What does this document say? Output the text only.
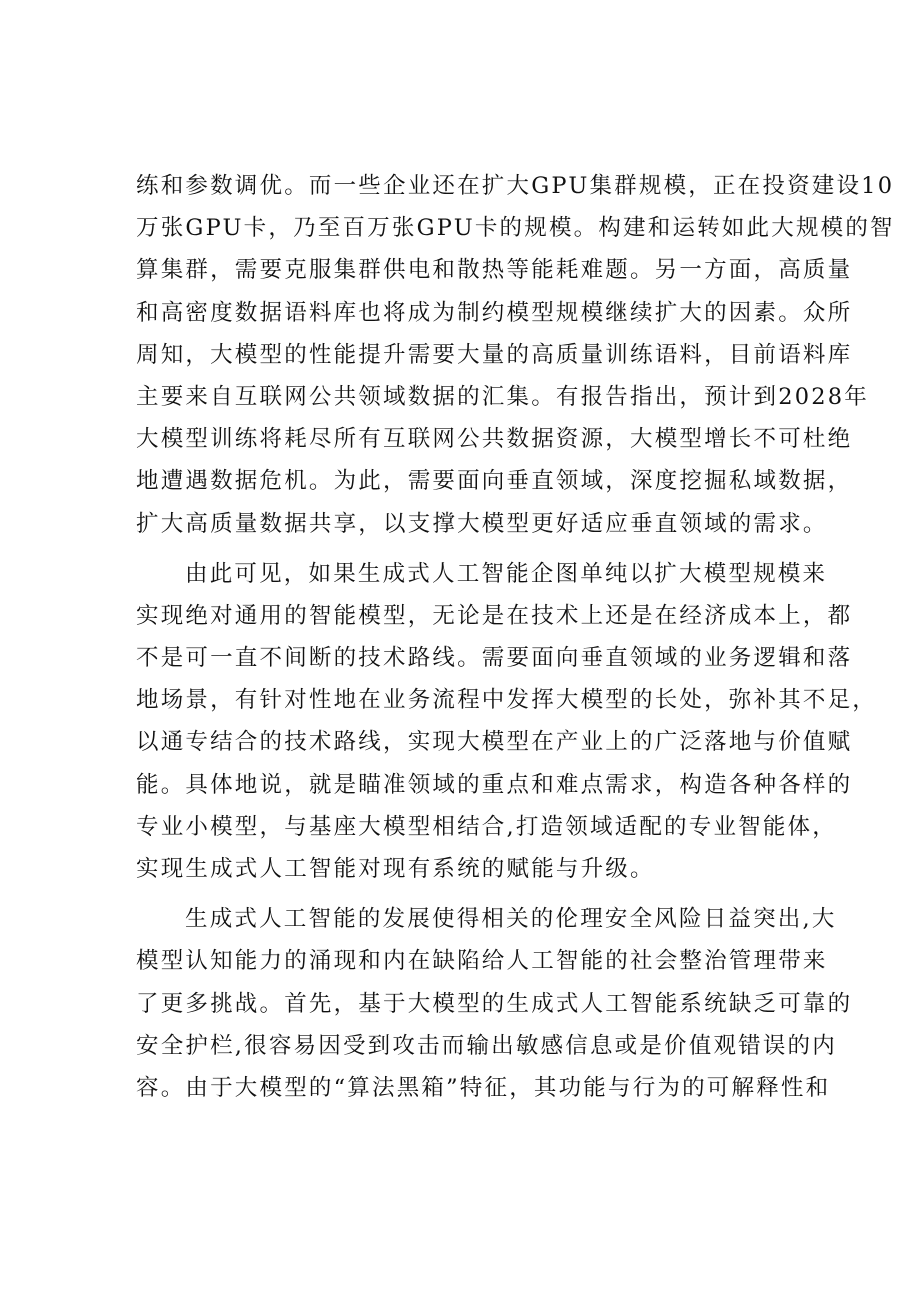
练和参数调优。而一些企业还在扩大GPU集群规模，正在投资建设10
万张GPU卡，乃至百万张GPU卡的规模。构建和运转如此大规模的智
算集群，需要克服集群供电和散热等能耗难题。另一方面，高质量
和高密度数据语料库也将成为制约模型规模继续扩大的因素。众所
周知，大模型的性能提升需要大量的高质量训练语料，目前语料库
主要来自互联网公共领域数据的汇集。有报告指出，预计到2028年
大模型训练将耗尽所有互联网公共数据资源，大模型增长不可杜绝
地遭遇数据危机。为此，需要面向垂直领域，深度挖掘私域数据，
扩大高质量数据共享，以支撑大模型更好适应垂直领域的需求。
由此可见，如果生成式人工智能企图单纯以扩大模型规模来
实现绝对通用的智能模型，无论是在技术上还是在经济成本上，都
不是可一直不间断的技术路线。需要面向垂直领域的业务逻辑和落
地场景，有针对性地在业务流程中发挥大模型的长处，弥补其不足，
以通专结合的技术路线，实现大模型在产业上的广泛落地与价值赋
能。具体地说，就是瞄准领域的重点和难点需求，构造各种各样的
专业小模型，与基座大模型相结合,打造领域适配的专业智能体，
实现生成式人工智能对现有系统的赋能与升级。
生成式人工智能的发展使得相关的伦理安全风险日益突出,大
模型认知能力的涌现和内在缺陷给人工智能的社会整治管理带来
了更多挑战。首先，基于大模型的生成式人工智能系统缺乏可靠的
安全护栏,很容易因受到攻击而输出敏感信息或是价值观错误的内
容。由于大模型的“算法黑箱”特征，其功能与行为的可解释性和
